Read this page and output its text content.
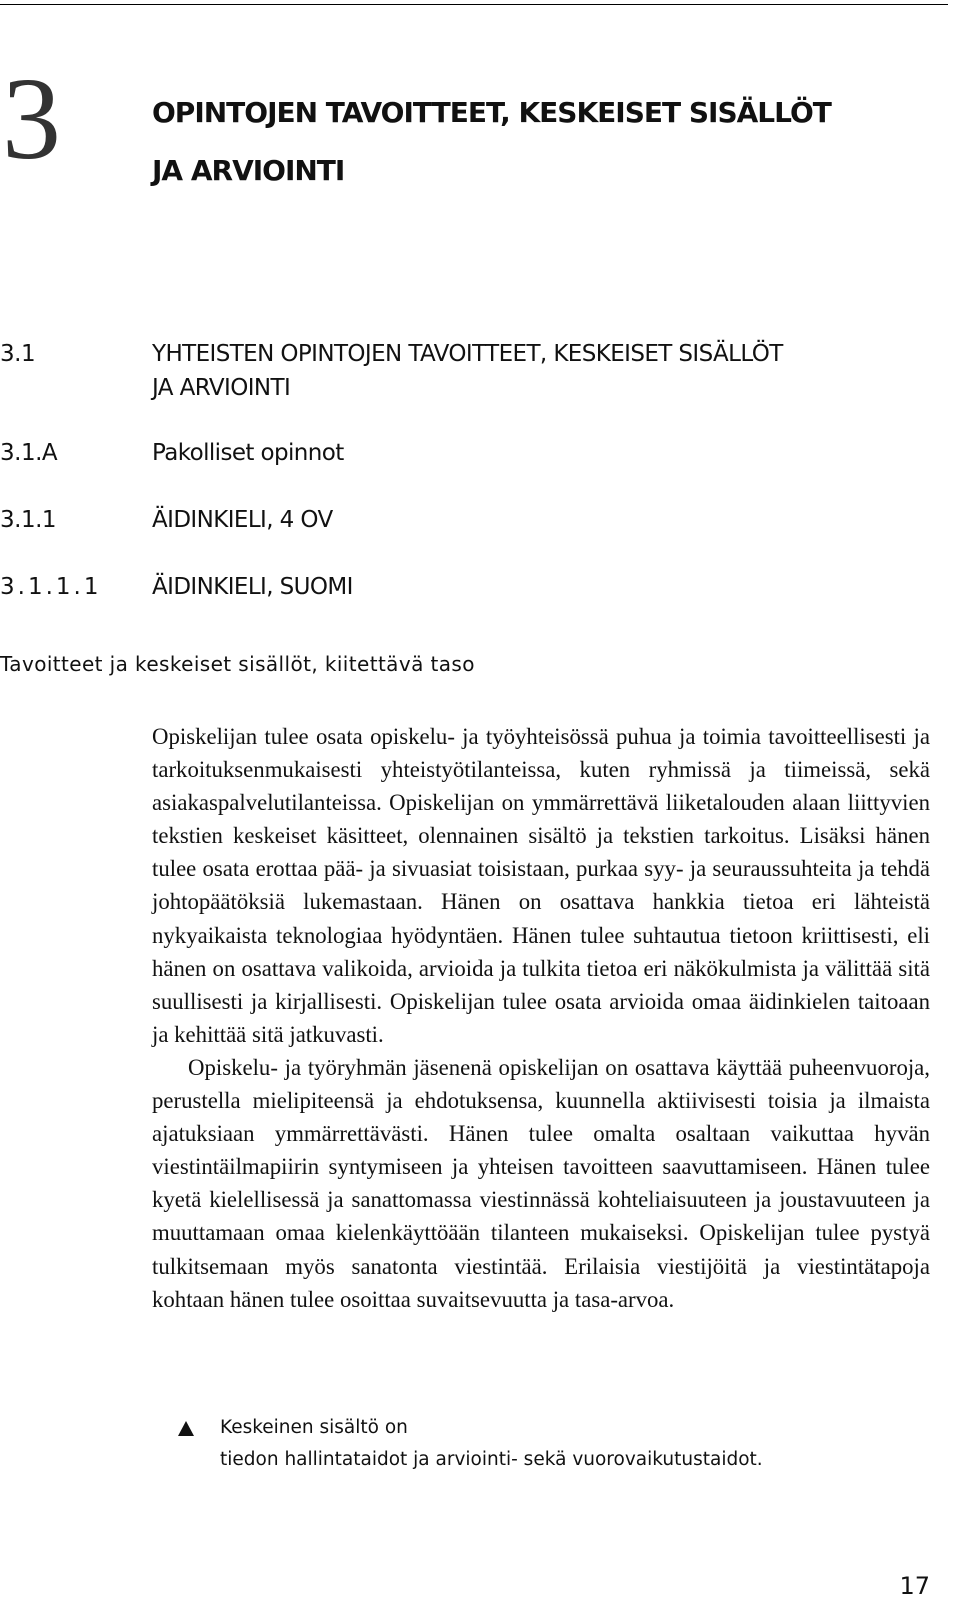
3	OPINTOJEN TAVOITTEET, KESKEISET SISÄLLÖT
JA ARVIOINTI
3.1	YHTEISTEN OPINTOJEN TAVOITTEET, KESKEISET SISÄLLÖT
JA ARVIOINTI
3.1.A	Pakolliset opinnot
3.1.1	ÄIDINKIELI, 4 OV
3.1.1.1	ÄIDINKIELI, SUOMI
Tavoitteet ja keskeiset sisällöt, kiitettävä taso

Opiskelijan tulee osata opiskelu- ja työyhteisössä puhua ja toimia tavoitteellisesti ja tarkoituksenmukaisesti yhteistyötilanteissa, kuten ryhmissä ja tiimeissä, sekä asiakaspalvelutilanteissa. Opiskelijan on ymmärrettävä liiketalouden alaan liittyvien tekstien keskeiset käsitteet, olennainen sisältö ja tekstien tarkoitus. Lisäksi hänen tulee osata erottaa pää- ja sivuasiat toisistaan, purkaa syy- ja seuraussuhteita ja tehdä johtopäätöksiä lukemastaan. Hänen on osattava hankkia tietoa eri lähteistä nykyaikaista teknologiaa hyödyntäen. Hänen tulee suhtautua tietoon kriittisesti, eli hänen on osattava valikoida, arvioida ja tulkita tietoa eri näkökulmista ja välittää sitä suullisesti ja kirjallisesti. Opiskelijan tulee osata arvioida omaa äidinkielen taitoaan ja kehittää sitä jatkuvasti.

Opiskelu- ja työryhmän jäsenenä opiskelijan on osattava käyttää puheenvuoroja, perustella mielipiteensä ja ehdotuksensa, kuunnella aktiivisesti toisia ja ilmaista ajatuksiaan ymmärrettävästi. Hänen tulee omalta osaltaan vaikuttaa hyvän viestintäilmapiirin syntymiseen ja yhteisen tavoitteen saavuttamiseen. Hänen tulee kyetä kielellisessä ja sanattomassa viestinnässä kohteliaisuuteen ja joustavuuteen ja muuttamaan omaa kielenkäyttöään tilanteen mukaiseksi. Opiskelijan tulee pystyä tulkitsemaan myös sanatonta viestintää. Erilaisia viestijöitä ja viestintätapoja kohtaan hänen tulee osoittaa suvaitsevuutta ja tasa-arvoa.

Keskeinen sisältö on
tiedon hallintataidot ja arviointi- sekä vuorovaikutustaidot.
17
